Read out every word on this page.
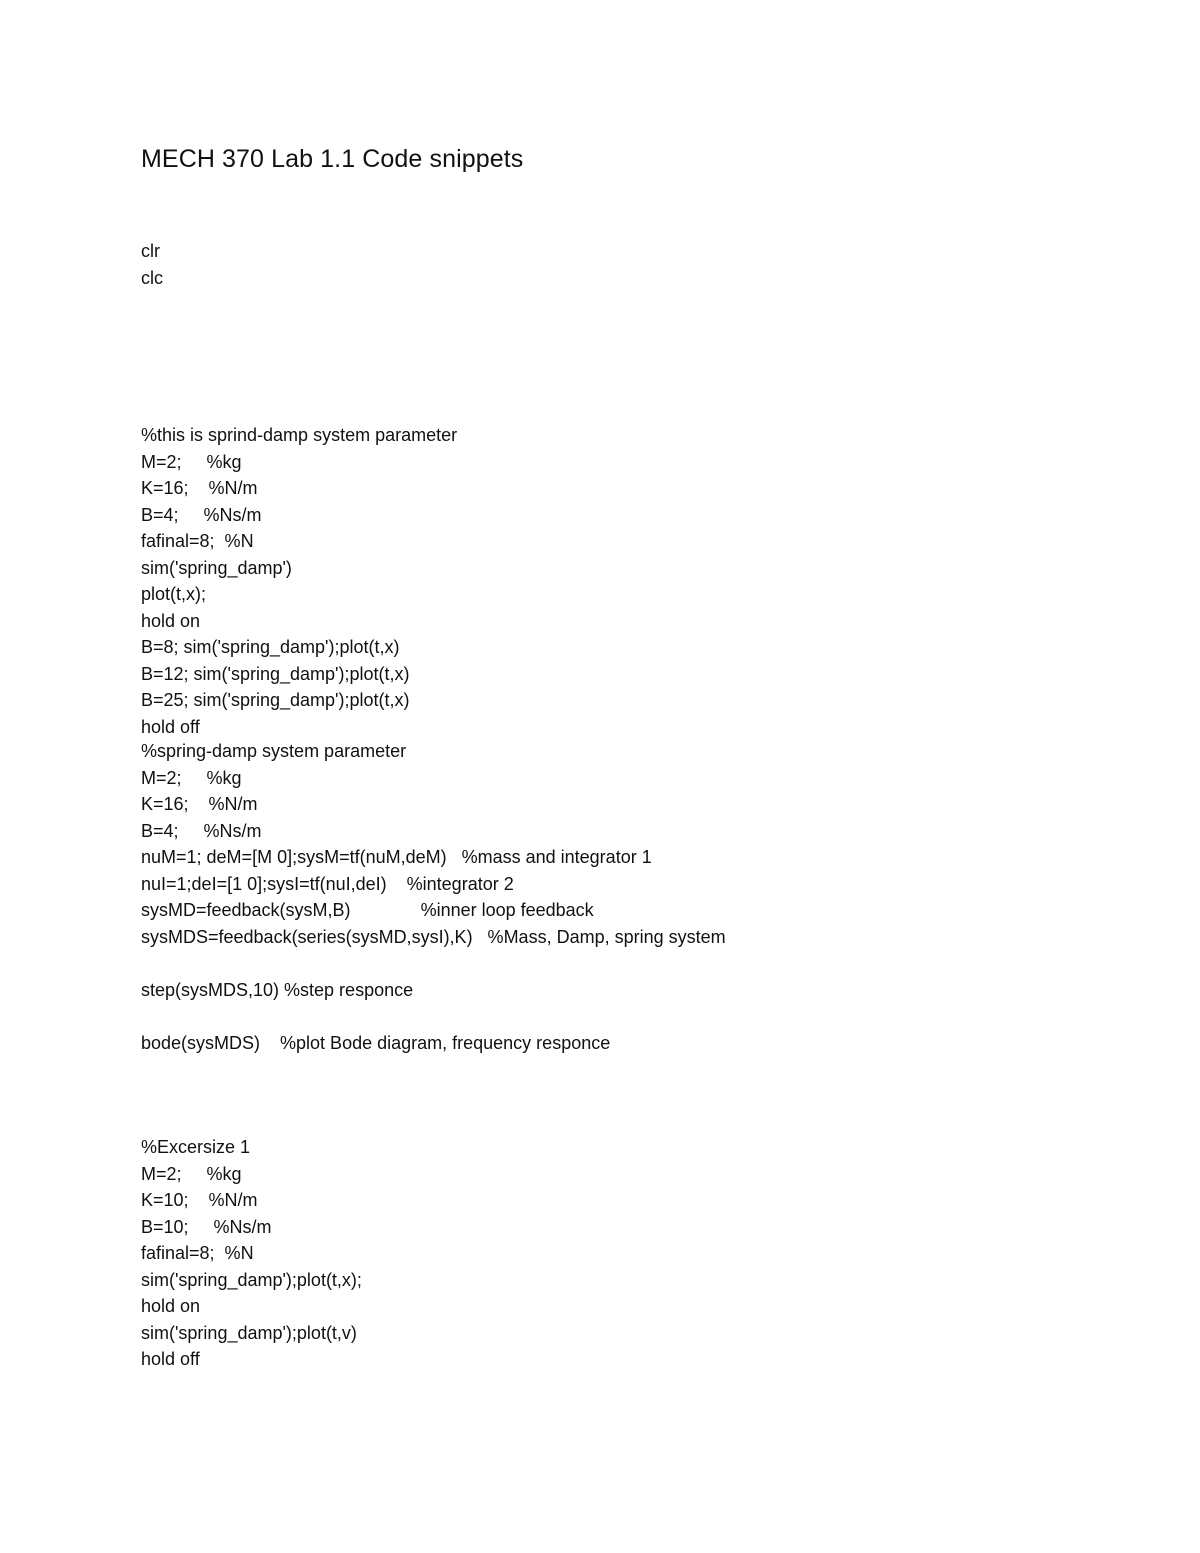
MECH 370 Lab 1.1 Code snippets
clr
clc
%this is sprind-damp system parameter
M=2;     %kg
K=16;    %N/m
B=4;     %Ns/m
fafinal=8;  %N
sim('spring_damp')
plot(t,x);
hold on
B=8; sim('spring_damp');plot(t,x)
B=12; sim('spring_damp');plot(t,x)
B=25; sim('spring_damp');plot(t,x)
hold off
%spring-damp system parameter
M=2;     %kg
K=16;    %N/m
B=4;     %Ns/m
nuM=1; deM=[M 0];sysM=tf(nuM,deM)   %mass and integrator 1
nuI=1;deI=[1 0];sysI=tf(nuI,deI)    %integrator 2
sysMD=feedback(sysM,B)              %inner loop feedback
sysMDS=feedback(series(sysMD,sysI),K)   %Mass, Damp, spring system
step(sysMDS,10) %step responce
bode(sysMDS)    %plot Bode diagram, frequency responce
%Excersize 1
M=2;     %kg
K=10;    %N/m
B=10;     %Ns/m
fafinal=8;  %N
sim('spring_damp');plot(t,x);
hold on
sim('spring_damp');plot(t,v)
hold off
